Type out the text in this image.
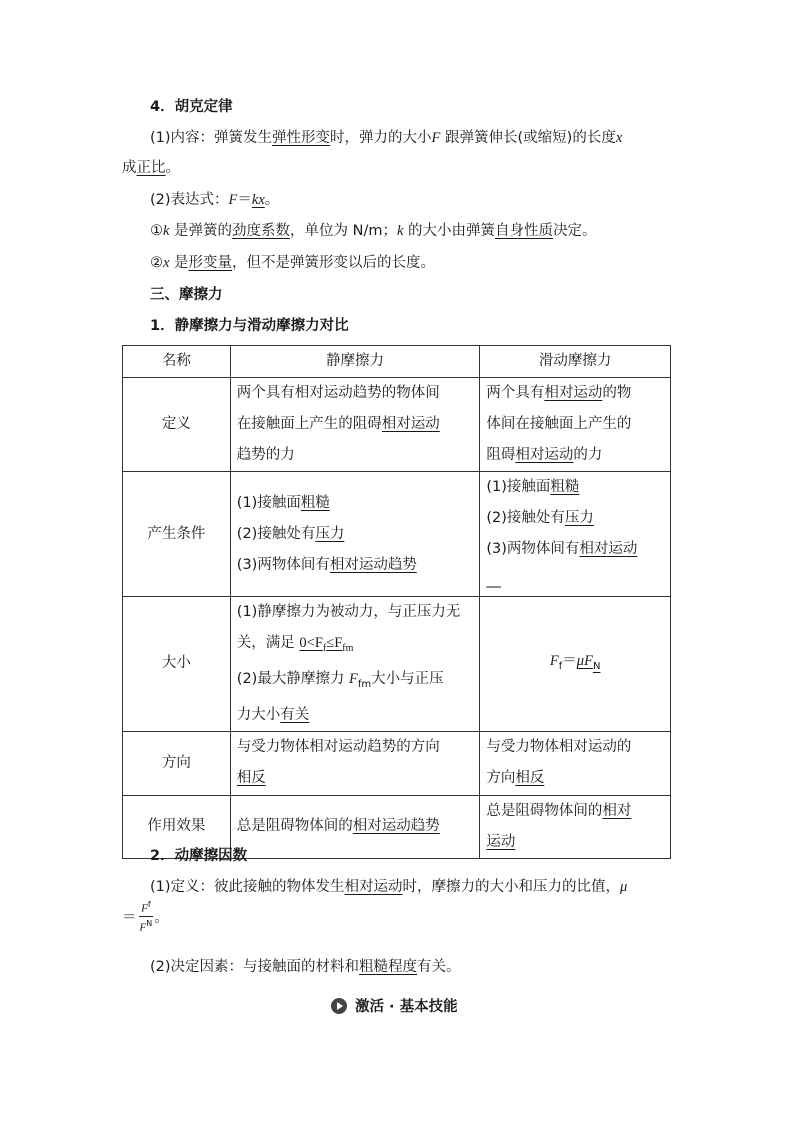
4．胡克定律
(1)内容：弹簧发生弹性形变时，弹力的大小F 跟弹簧伸长(或缩短)的长度x
成正比。
(2)表达式：F＝kx。
①k 是弹簧的劲度系数，单位为 N/m；k 的大小由弹簧自身性质决定。
②x 是形变量，但不是弹簧形变以后的长度。
三、摩擦力
1．静摩擦力与滑动摩擦力对比
名称	静摩擦力	滑动摩擦力
定义	两个具有相对运动趋势的物体间
在接触面上产生的阻碍相对运动
趋势的力	两个具有相对运动的物
体间在接触面上产生的
阻碍相对运动的力
产生条件	(1)接触面粗糙
(2)接触处有压力
(3)两物体间有相对运动趋势	(1)接触面粗糙
(2)接触处有压力
(3)两物体间有相对运动
__
大小	(1)静摩擦力为被动力，与正压力无
关，满足 $0<F_f\le F_{fm}$
(2)最大静摩擦力 $F_{fm}$大小与正压
力大小有关	$F_f=\mu F_N$
方向	与受力物体相对运动趋势的方向
相反	与受力物体相对运动的
方向相反
作用效果	总是阻碍物体间的相对运动趋势	总是阻碍物体间的相对
运动
2．动摩擦因数
(1)定义：彼此接触的物体发生相对运动时，摩擦力的大小和压力的比值，μ
＝
$F^f$
$F^N$ 。
(2)决定因素：与接触面的材料和粗糙程度有关。
激活 · 基本技能
